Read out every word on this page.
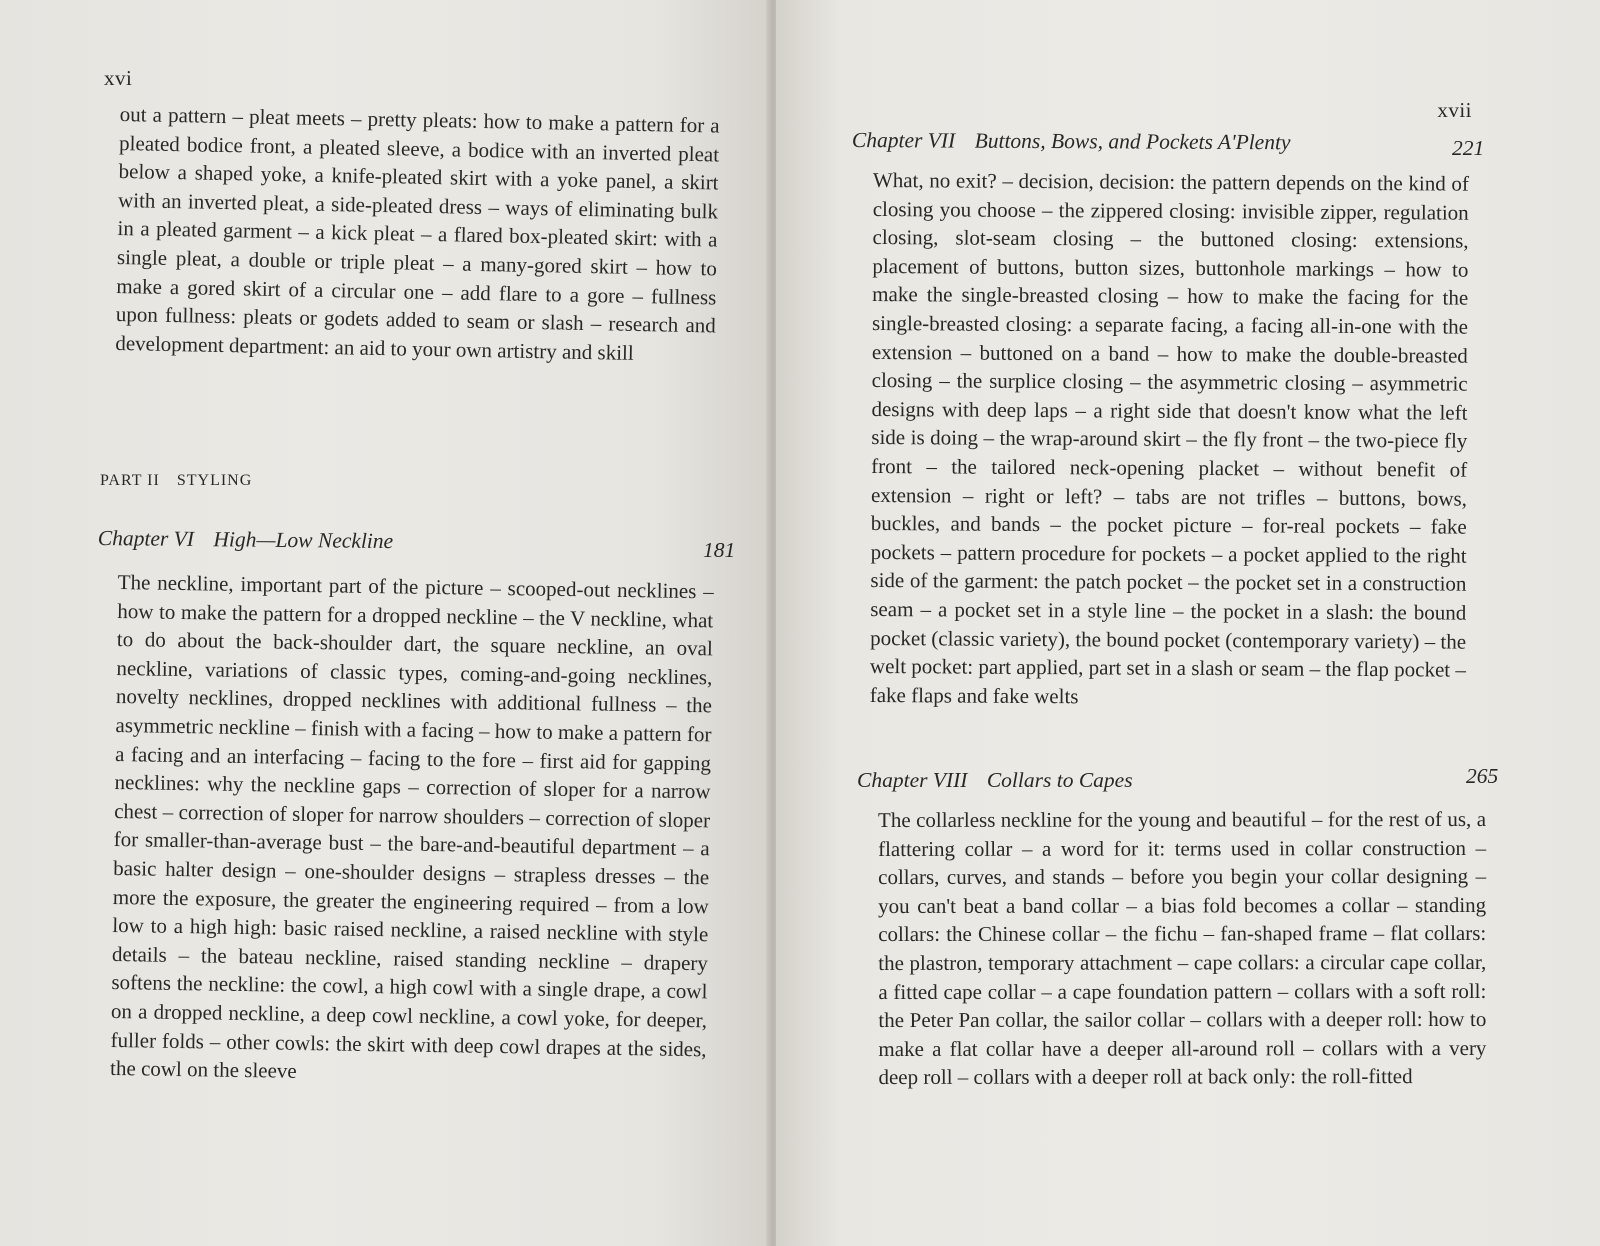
xvi
out a pattern – pleat meets – pretty pleats: how to make a pattern for a pleated bodice front, a pleated sleeve, a bodice with an inverted pleat below a shaped yoke, a knife-pleated skirt with a yoke panel, a skirt with an inverted pleat, a side-pleated dress – ways of eliminating bulk in a pleated garment – a kick pleat – a flared box-pleated skirt: with a single pleat, a double or triple pleat – a many-gored skirt – how to make a gored skirt of a circular one – add flare to a gore – fullness upon fullness: pleats or godets added to seam or slash – research and development department: an aid to your own artistry and skill
PART II STYLING
Chapter VI High—Low Neckline	181
The neckline, important part of the picture – scooped-out necklines – how to make the pattern for a dropped neckline – the V neckline, what to do about the back-shoulder dart, the square neckline, an oval neckline, variations of classic types, coming-and-going necklines, novelty necklines, dropped necklines with additional fullness – the asymmetric neckline – finish with a facing – how to make a pattern for a facing and an interfacing – facing to the fore – first aid for gapping necklines: why the neckline gaps – correction of sloper for a narrow chest – correction of sloper for narrow shoulders – correction of sloper for smaller-than-average bust – the bare-and-beautiful department – a basic halter design – one-shoulder designs – strapless dresses – the more the exposure, the greater the engineering required – from a low low to a high high: basic raised neckline, a raised neckline with style details – the bateau neckline, raised standing neckline – drapery softens the neckline: the cowl, a high cowl with a single drape, a cowl on a dropped neckline, a deep cowl neckline, a cowl yoke, for deeper, fuller folds – other cowls: the skirt with deep cowl drapes at the sides, the cowl on the sleeve
xvii
Chapter VII Buttons, Bows, and Pockets A'Plenty	221
What, no exit? – decision, decision: the pattern depends on the kind of closing you choose – the zippered closing: invisible zipper, regulation closing, slot-seam closing – the buttoned closing: extensions, placement of buttons, button sizes, buttonhole markings – how to make the single-breasted closing – how to make the facing for the single-breasted closing: a separate facing, a facing all-in-one with the extension – buttoned on a band – how to make the double-breasted closing – the surplice closing – the asymmetric closing – asymmetric designs with deep laps – a right side that doesn't know what the left side is doing – the wrap-around skirt – the fly front – the two-piece fly front – the tailored neck-opening placket – without benefit of extension – right or left? – tabs are not trifles – buttons, bows, buckles, and bands – the pocket picture – for-real pockets – fake pockets – pattern procedure for pockets – a pocket applied to the right side of the garment: the patch pocket – the pocket set in a construction seam – a pocket set in a style line – the pocket in a slash: the bound pocket (classic variety), the bound pocket (contemporary variety) – the welt pocket: part applied, part set in a slash or seam – the flap pocket – fake flaps and fake welts
Chapter VIII Collars to Capes	265
The collarless neckline for the young and beautiful – for the rest of us, a flattering collar – a word for it: terms used in collar construction – collars, curves, and stands – before you begin your collar designing – you can't beat a band collar – a bias fold becomes a collar – standing collars: the Chinese collar – the fichu – fan-shaped frame – flat collars: the plastron, temporary attachment – cape collars: a circular cape collar, a fitted cape collar – a cape foundation pattern – collars with a soft roll: the Peter Pan collar, the sailor collar – collars with a deeper roll: how to make a flat collar have a deeper all-around roll – collars with a very deep roll – collars with a deeper roll at back only: the roll-fitted
